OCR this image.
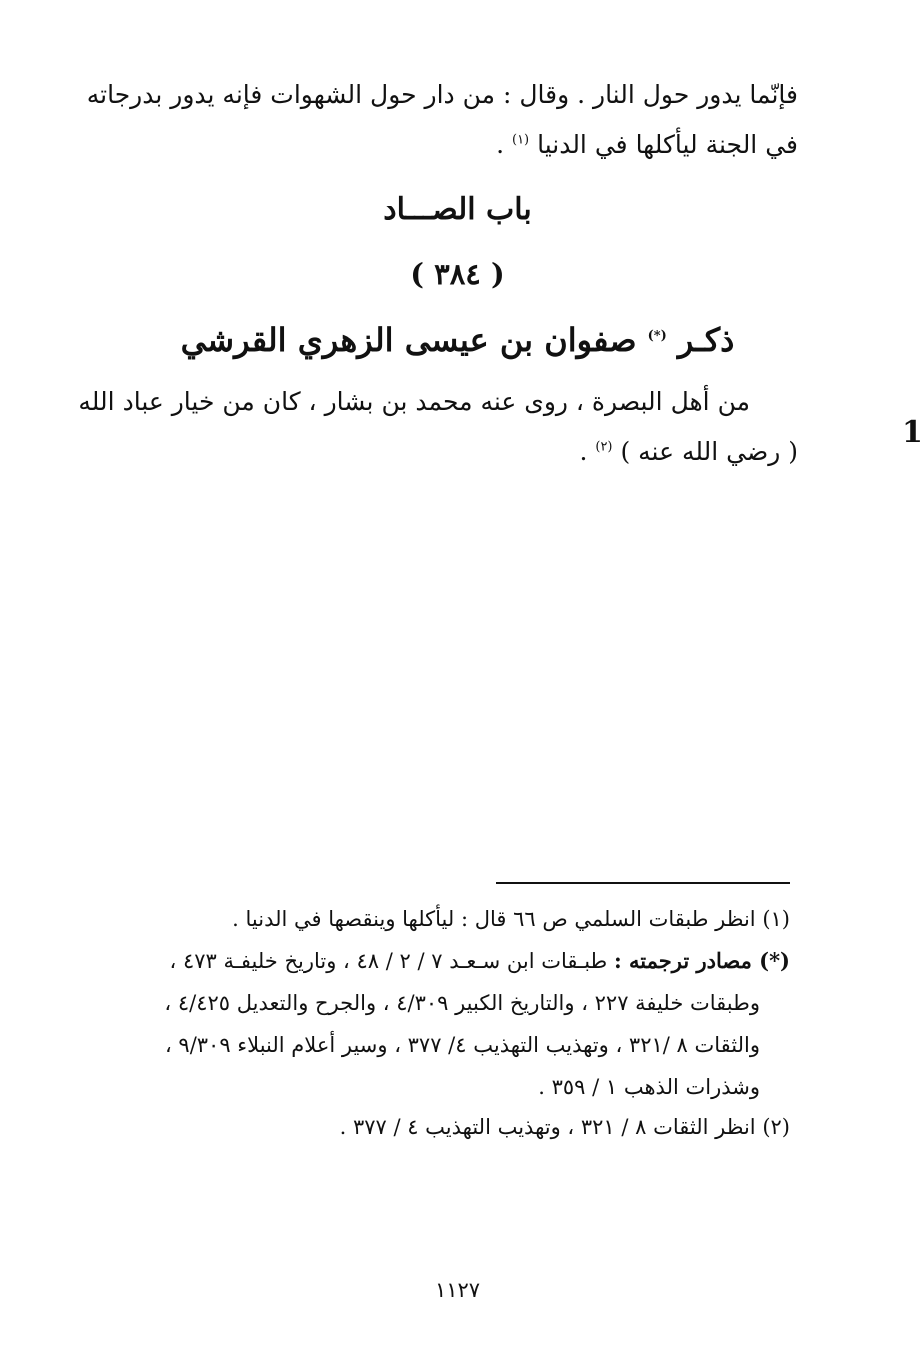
فإنّما يدور حول النار . وقال : من دار حول الشهوات فإنه يدور بدرجاته
في الجنة ليأكلها في الدنيا $^{(١)}$ .
باب الصـــاد
( ٣٨٤ )
ذكـر (*) صفوان بن عيسى الزهري القرشي
من أهل البصرة ، روى عنه محمد بن بشار ، كان من خيار عباد الله
( رضي الله عنه ) $^{(٢)}$ .
1
(١) انظر طبقات السلمي ص ٦٦ قال : ليأكلها وينقصها في الدنيا .
(*) مصادر ترجمته : طبـقات ابن سـعـد ٧ / ٢ / ٤٨ ، وتاريخ خليفـة ٤٧٣ ،
وطبقات خليفة ٢٢٧ ، والتاريخ الكبير ٤/٣٠٩ ، والجرح والتعديل ٤/٤٢٥ ،
والثقات ٨ /٣٢١ ، وتهذيب التهذيب ٤/ ٣٧٧ ، وسير أعلام النبلاء ٩/٣٠٩ ،
وشذرات الذهب ١ / ٣٥٩ .
(٢) انظر الثقات ٨ / ٣٢١ ، وتهذيب التهذيب ٤ / ٣٧٧ .
١١٢٧
